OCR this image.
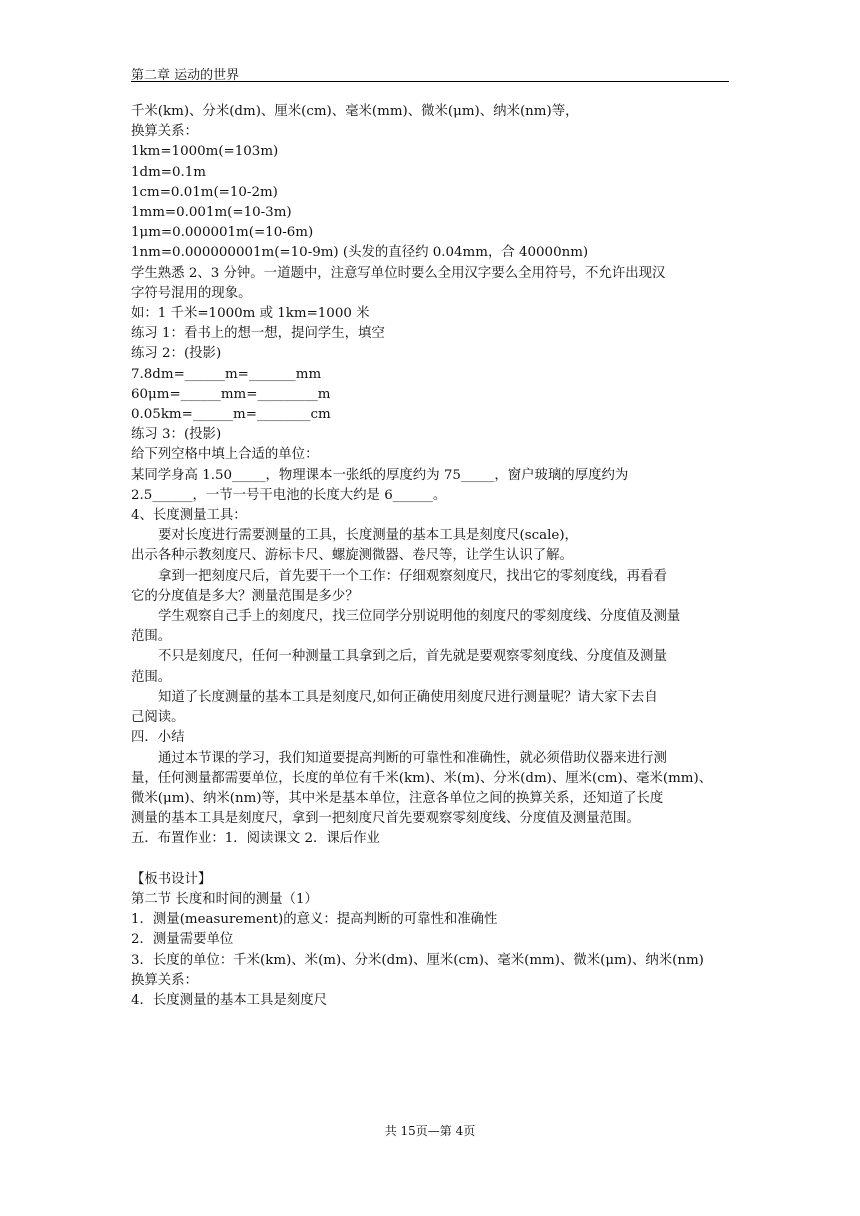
第二章 运动的世界
千米(km)、分米(dm)、厘米(cm)、毫米(mm)、微米(μm)、纳米(nm)等，
换算关系：
1km=1000m(=103m)
1dm=0.1m
1cm=0.01m(=10-2m)
1mm=0.001m(=10-3m)
1μm=0.000001m(=10-6m)
1nm=0.000000001m(=10-9m) (头发的直径约 0.04mm，合 40000nm)
学生熟悉 2、3 分钟。一道题中，注意写单位时要么全用汉字要么全用符号，不允许出现汉
字符号混用的现象。
如：1 千米=1000m 或 1km=1000 米
练习 1：看书上的想一想，提问学生，填空
练习 2：(投影)
7.8dm=______m=_______mm
60μm=______mm=_________m
0.05km=______m=________cm
练习 3：(投影)
给下列空格中填上合适的单位：
某同学身高 1.50_____，物理课本一张纸的厚度约为 75_____，窗户玻璃的厚度约为
2.5______，一节一号干电池的长度大约是 6______。
4、长度测量工具：
要对长度进行需要测量的工具，长度测量的基本工具是刻度尺(scale)，
出示各种示教刻度尺、游标卡尺、螺旋测微器、卷尺等，让学生认识了解。
拿到一把刻度尺后，首先要干一个工作：仔细观察刻度尺，找出它的零刻度线，再看看
它的分度值是多大？测量范围是多少？
学生观察自己手上的刻度尺，找三位同学分别说明他的刻度尺的零刻度线、分度值及测量
范围。
不只是刻度尺，任何一种测量工具拿到之后，首先就是要观察零刻度线、分度值及测量
范围。
知道了长度测量的基本工具是刻度尺,如何正确使用刻度尺进行测量呢？请大家下去自
己阅读。
四．小结
通过本节课的学习，我们知道要提高判断的可靠性和准确性，就必须借助仪器来进行测
量，任何测量都需要单位，长度的单位有千米(km)、米(m)、分米(dm)、厘米(cm)、毫米(mm)、
微米(μm)、纳米(nm)等，其中米是基本单位，注意各单位之间的换算关系，还知道了长度
测量的基本工具是刻度尺，拿到一把刻度尺首先要观察零刻度线、分度值及测量范围。
五．布置作业：1．阅读课文 2．课后作业
【板书设计】
第二节 长度和时间的测量（1）
1．测量(measurement)的意义：提高判断的可靠性和准确性
2．测量需要单位
3．长度的单位：千米(km)、米(m)、分米(dm)、厘米(cm)、毫米(mm)、微米(μm)、纳米(nm)
换算关系：
4．长度测量的基本工具是刻度尺
共 15页—第 4页
